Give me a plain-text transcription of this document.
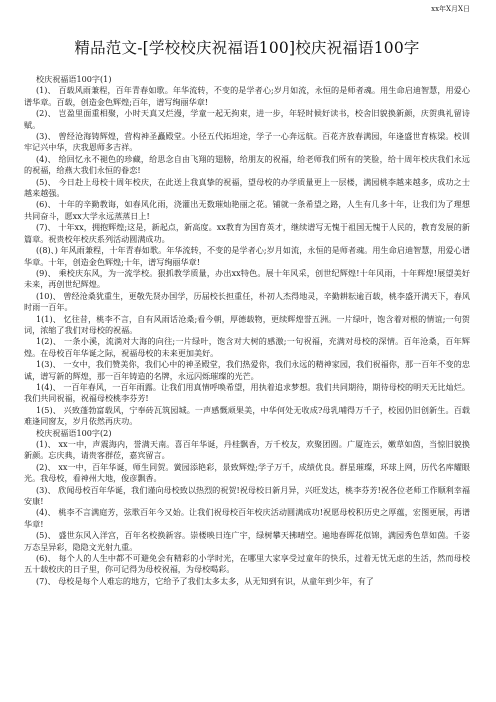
xx年X月X日
精品范文-[学校校庆祝福语100]校庆祝福语100字

校庆祝福语100字(1)

(1)、 百载风雨兼程，百年青春如歌。年华流转，不变的是学者心;岁月如流，永恒的是师者魂。用生命启迪智慧，用爱心谱华章。百载，创造金色辉煌;百年，谱写绚丽华章!

(2)、 岂盈里面重相聚，小时天真又烂漫，学童一起无拘束，进一步，年轻时候好读书，校舍旧貌换新颜，庆贺典礼留诗赋。

(3)、 曾经沧海铸辉煌，营构神圣矗殿堂。小径五代拓坦途，学子一心奔远航。百花齐放春满园，年逢盛世育栋梁。校训牢记兴中华，庆我恩师多吉祥。

(4)、 给回忆永不褪色的珍藏，给思念自由飞翔的翅膀，给朋友的祝福，给老师我们所有的笑脸，给十周年校庆我们永远的祝福，给燕大我们永恒的眷恋!

(5)、 今日赴上母校十周年校庆，在此送上我真挚的祝福，望母校的办学质量更上一层楼，满园桃李越来越多，成功之士越来越强。

(6)、 十年的辛勤教诲，如春风化雨，浇灌出无数璀灿艳丽之花。铺就一条希望之路，人生有几多十年，让我们为了理想共同奋斗，愿xx大学永远蒸蒸日上!

(7)、 十年xx，拥抱辉煌;这是，新起点，新高度。xx教育为国育英才，继续谱写无愧于祖国无愧于人民的，教育发展的新篇章。祝贵校年校庆系列活动圆满成功。

((8)、) 年风雨兼程，十年青春如歌。年华流转，不变的是学者心;岁月如流，永恒的是师者魂。用生命启迪智慧，用爱心谱华章。十年，创造金色辉煌;十年，谱写绚丽华章!

(9)、 乘校庆东风，为一流学校。狠抓教学质量，办出xx特色。展十年风采，创世纪辉煌!十年风雨，十年辉煌!展望美好未来，再创世纪辉煌。

(10)、 曾经沧桑犹重生，更敬先贤办国学，历届校长担重任，朴初人杰得地灵，辛勤耕耘逾百载，桃李盛开满天下，春风时雨一百年。

1(1)、 忆往昔，桃李不言，自有风雨话沧桑;看今朝，厚德载物，更续辉煌誉五洲。一片绿叶，饱含着对根的情谊;一句贺词，浓缩了我们对母校的祝福。

1(2)、 一条小溪，流淌对大海的向往;一片绿叶，饱含对大树的感激;一句祝福，充满对母校的深情。百年沧桑，百年辉煌。在母校百年华诞之际，祝福母校的未来更加美好。

1(3)、 一女中，我们赞美你，我们心中的神圣殿堂，我们热爱你，我们永远的精神家园，我们祝福你，那一百年不变的忠诚，谱写新的辉煌，那一百年铸造的名牌，永远闪烁璀璨的光芒。

1(4)、 一百年春风，一百年雨露。让我们用真情呼唤希望，用执着追求梦想。我们共同期待，期待母校的明天无比灿烂。我们共同祝福，祝福母校桃李芬芳!

1(5)、 兴致蓬勃富载风，宁奉砖瓦筑园城。一声感慨顽果美，中华何处无收成?母乳哺得万千子，校园仍旧创新生。百载难逢同窗友，岁月依然再庆功。

校庆祝福语100字(2)

(1)、 xx一中，声震海内，誉满天南。喜百年华诞，丹桂飘香，万千校友，欢聚团圆。广厦连云，嫩草如茵，当惊旧貌换新颜。忘庆典，请贵客群莅，嘉宾留言。

(2)、 xx一中，百年华诞，师生同贺。黉园添艳彩，景致辉煌;学子万千，成绩优良。群星璀璨，环球上网，历代名库耀眼光。我母校，看神州大地，俊彦飘香。

(3)、 欣闻母校百年华诞，我们谨向母校致以热烈的祝贺!祝母校日新月异，兴旺发达，桃李芬芳!祝各位老师工作顺利幸福安康!

(4)、 桃李不言满庭芳，弦歌百年今又始。让我们祝母校百年校庆活动圆满成功!祝愿母校积历史之厚蕴，宏图更展，再谱华章!

(5)、 盛世东风入洋宫，百年名校换新容。崇楼映日连广宇，绿树攀天拂晴空。遍地春晖花似锦，满园秀色草如茵。千姿万态呈异彩，隐隐文光射九重。

(6)、 每个人的人生中都不可避免会有精彩的小学时光，在哪里大家享受过童年的快乐，过着无忧无虑的生活，然而母校五十载校庆的日子里，你可记得为母校祝福，为母校喝彩。

(7)、 母校是每个人难忘的地方，它给予了我们太多太多，从无知到有识，从童年到少年，有了
